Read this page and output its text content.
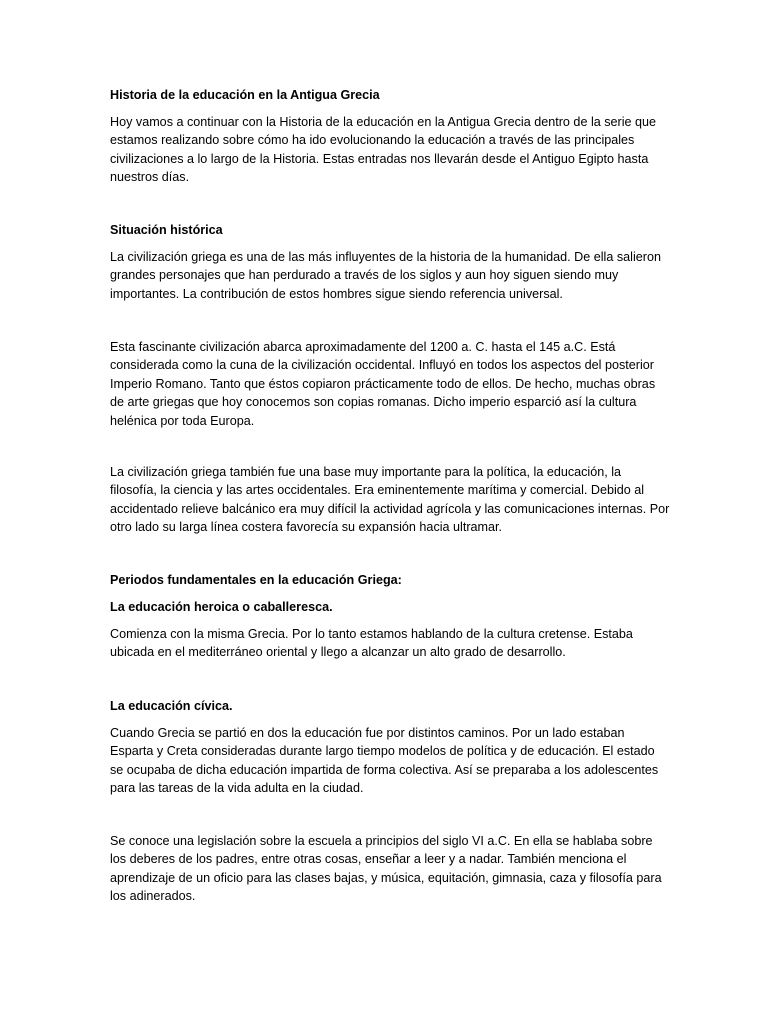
Historia de la educación en la Antigua Grecia

Hoy vamos a continuar con la Historia de la educación en la Antigua Grecia dentro de la serie que estamos realizando sobre cómo ha ido evolucionando la educación a través de las principales civilizaciones a lo largo de la Historia. Estas entradas nos llevarán desde el Antiguo Egipto hasta nuestros días.

Situación histórica

La civilización griega es una de las más influyentes de la historia de la humanidad. De ella salieron grandes personajes que han perdurado a través de los siglos y aun hoy siguen siendo muy importantes. La contribución de estos hombres sigue siendo referencia universal.

Esta fascinante civilización abarca aproximadamente del 1200 a. C. hasta el 145 a.C. Está considerada como la cuna de la civilización occidental. Influyó en todos los aspectos del posterior Imperio Romano. Tanto que éstos copiaron prácticamente todo de ellos. De hecho, muchas obras de arte griegas que hoy conocemos son copias romanas. Dicho imperio esparció así la cultura helénica por toda Europa.

La civilización griega también fue una base muy importante para la política, la educación, la filosofía, la ciencia y las artes occidentales. Era eminentemente marítima y comercial. Debido al accidentado relieve balcánico era muy difícil la actividad agrícola y las comunicaciones internas. Por otro lado su larga línea costera favorecía su expansión hacia ultramar.

Periodos fundamentales en la educación Griega:

La educación heroica o caballeresca.

Comienza con la misma Grecia. Por lo tanto estamos hablando de la cultura cretense. Estaba ubicada en el mediterráneo oriental y llego a alcanzar un alto grado de desarrollo.

La educación cívica.

Cuando Grecia se partió en dos la educación fue por distintos caminos. Por un lado estaban Esparta y Creta consideradas durante largo tiempo modelos de política y de educación. El estado se ocupaba de dicha educación impartida de forma colectiva. Así se preparaba a los adolescentes para las tareas de la vida adulta en la ciudad.

Se conoce una legislación sobre la escuela a principios del siglo VI a.C. En ella se hablaba sobre los deberes de los padres, entre otras cosas, enseñar a leer y a nadar. También menciona el aprendizaje de un oficio para las clases bajas, y música, equitación, gimnasia, caza y filosofía para los adinerados.
